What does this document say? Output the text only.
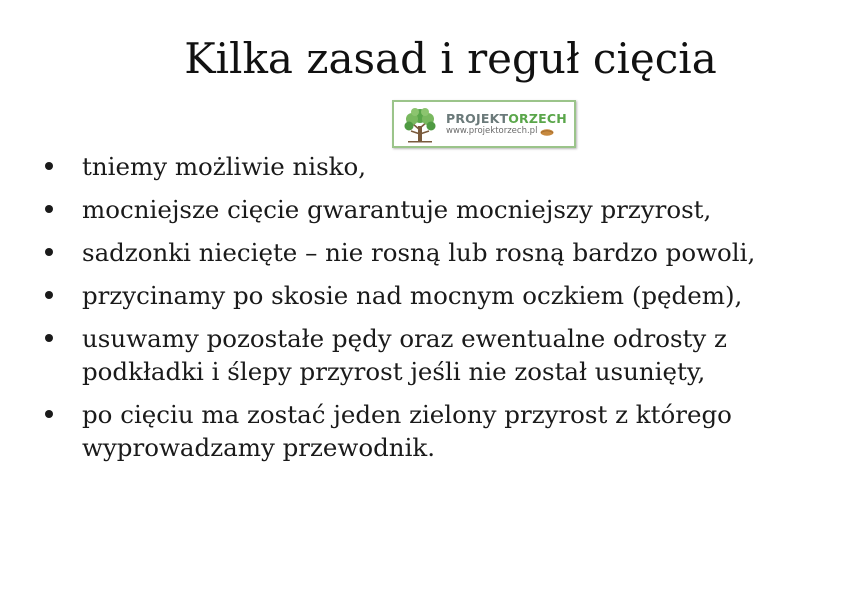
Kilka zasad i reguł cięcia
PROJEKTORZECH
www.projektorzech.pl
tniemy możliwie nisko,
mocniejsze cięcie gwarantuje mocniejszy przyrost,
sadzonki niecięte – nie rosną lub rosną bardzo powoli,
przycinamy po skosie nad mocnym oczkiem (pędem),
usuwamy pozostałe pędy oraz ewentualne odrosty z
podkładki i ślepy przyrost jeśli nie został usunięty,
po cięciu ma zostać jeden zielony przyrost z którego
wyprowadzamy przewodnik.
